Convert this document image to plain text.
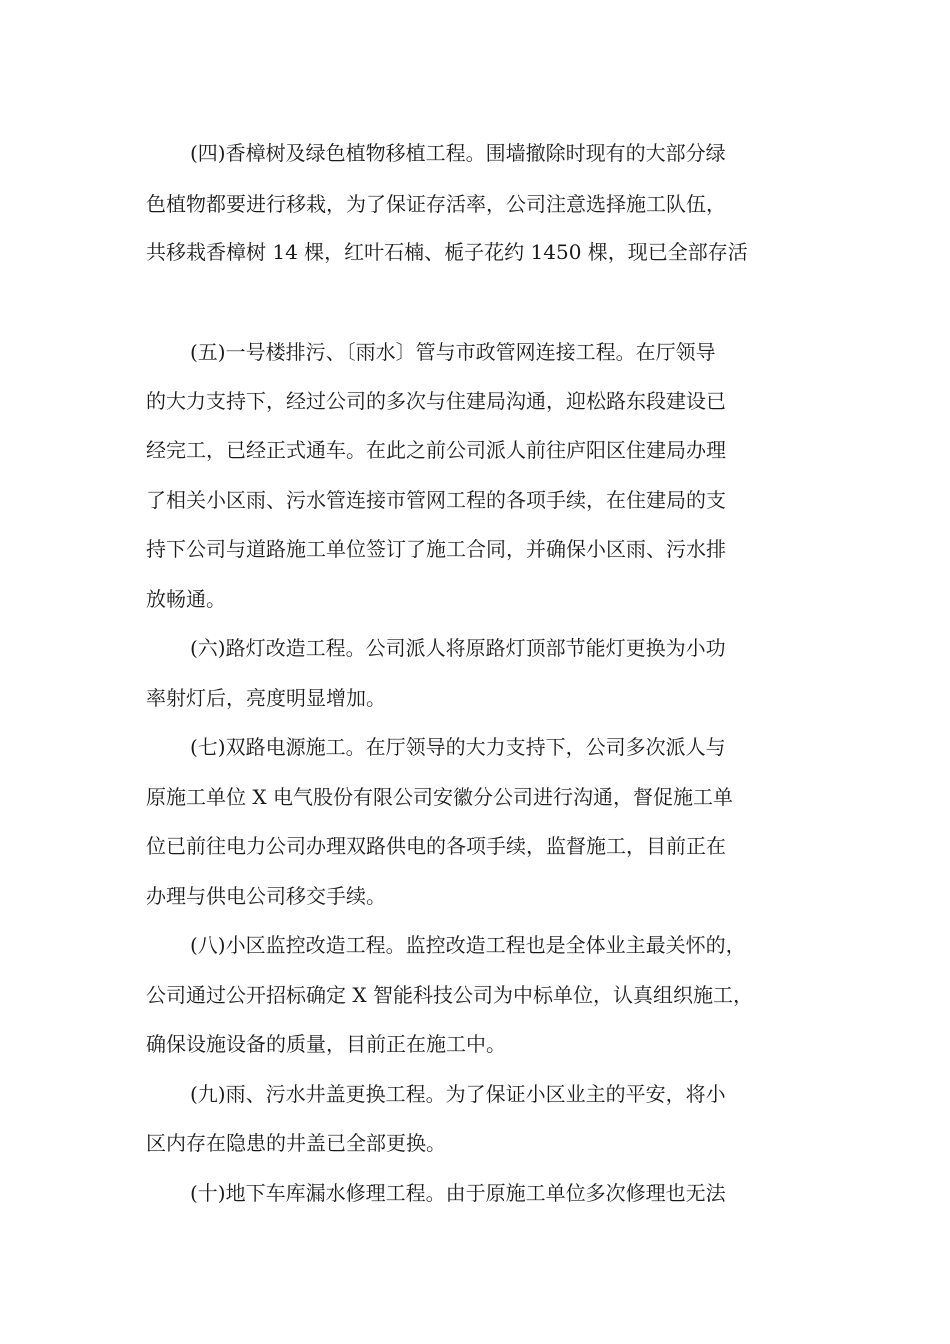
(四)香樟树及绿色植物移植工程。围墙撤除时现有的大部分绿
色植物都要进行移栽，为了保证存活率，公司注意选择施工队伍，
共移栽香樟树 14 棵，红叶石楠、栀子花约 1450 棵，现已全部存活
(五)一号楼排污、〔雨水〕管与市政管网连接工程。在厅领导
的大力支持下，经过公司的多次与住建局沟通，迎松路东段建设已
经完工，已经正式通车。在此之前公司派人前往庐阳区住建局办理
了相关小区雨、污水管连接市管网工程的各项手续，在住建局的支
持下公司与道路施工单位签订了施工合同，并确保小区雨、污水排
放畅通。
(六)路灯改造工程。公司派人将原路灯顶部节能灯更换为小功
率射灯后，亮度明显增加。
(七)双路电源施工。在厅领导的大力支持下，公司多次派人与
原施工单位 X 电气股份有限公司安徽分公司进行沟通，督促施工单
位已前往电力公司办理双路供电的各项手续，监督施工，目前正在
办理与供电公司移交手续。
(八)小区监控改造工程。监控改造工程也是全体业主最关怀的，
公司通过公开招标确定 X 智能科技公司为中标单位，认真组织施工，
确保设施设备的质量，目前正在施工中。
(九)雨、污水井盖更换工程。为了保证小区业主的平安，将小
区内存在隐患的井盖已全部更换。
(十)地下车库漏水修理工程。由于原施工单位多次修理也无法
